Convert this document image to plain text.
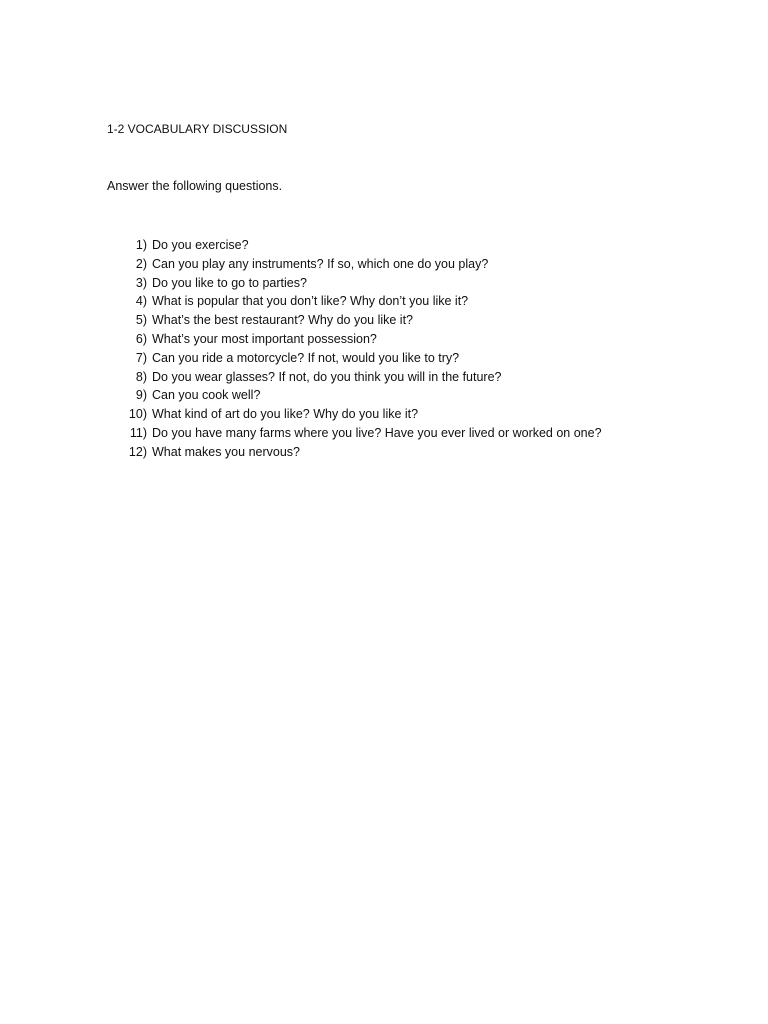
1-2 VOCABULARY DISCUSSION
Answer the following questions.
1) Do you exercise?
2) Can you play any instruments? If so, which one do you play?
3) Do you like to go to parties?
4) What is popular that you don’t like? Why don’t you like it?
5) What’s the best restaurant? Why do you like it?
6) What’s your most important possession?
7) Can you ride a motorcycle? If not, would you like to try?
8) Do you wear glasses? If not, do you think you will in the future?
9) Can you cook well?
10) What kind of art do you like? Why do you like it?
11) Do you have many farms where you live? Have you ever lived or worked on one?
12) What makes you nervous?
